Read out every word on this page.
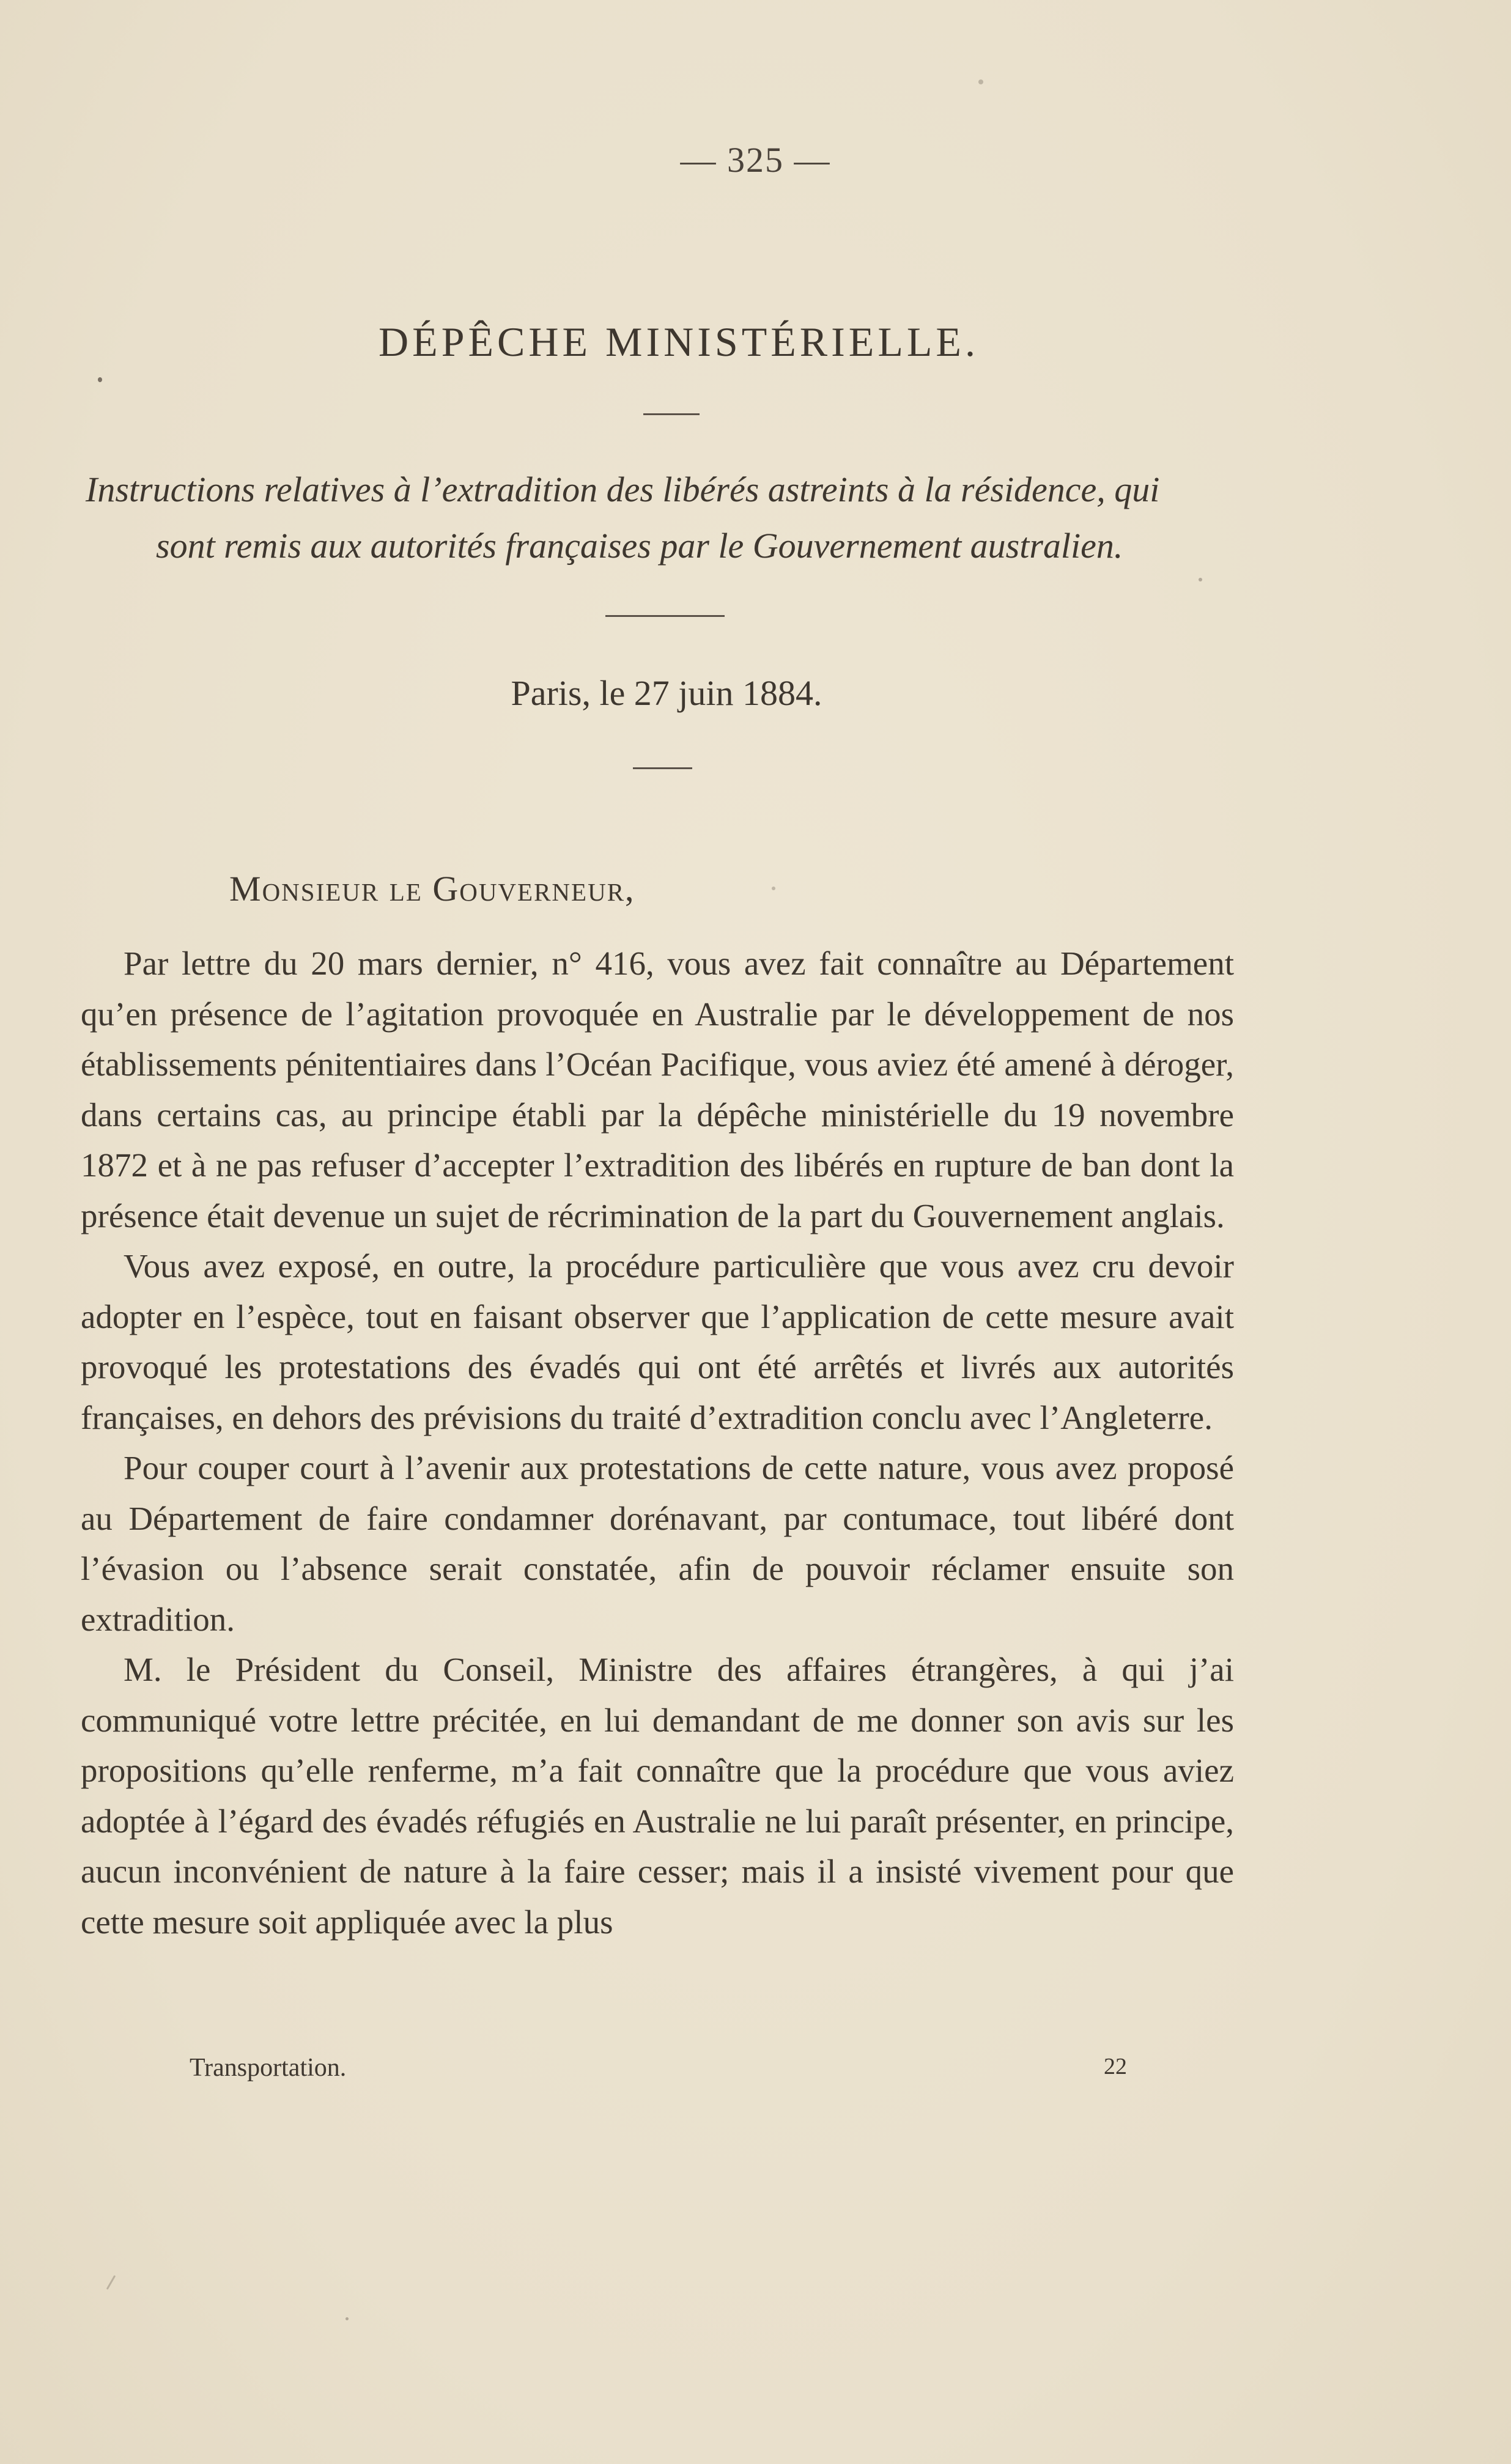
— 325 —
DÉPÊCHE MINISTÉRIELLE.
Instructions relatives à l’extradition des libérés astreints à la résidence, qui
sont remis aux autorités françaises par le Gouvernement australien.
Paris, le 27 juin 1884.
Monsieur le Gouverneur,

Par lettre du 20 mars dernier, n° 416, vous avez fait connaître au Département qu’en présence de l’agitation provoquée en Australie par le développement de nos établissements pénitentiaires dans l’Océan Pacifique, vous aviez été amené à déroger, dans certains cas, au principe établi par la dépêche ministérielle du 19 novembre 1872 et à ne pas refuser d’accepter l’extradition des libérés en rupture de ban dont la présence était devenue un sujet de récrimination de la part du Gouvernement anglais.

Vous avez exposé, en outre, la procédure particulière que vous avez cru devoir adopter en l’espèce, tout en faisant observer que l’application de cette mesure avait provoqué les protestations des évadés qui ont été arrêtés et livrés aux autorités françaises, en dehors des prévisions du traité d’extradition conclu avec l’Angleterre.

Pour couper court à l’avenir aux protestations de cette nature, vous avez proposé au Département de faire condamner dorénavant, par contumace, tout libéré dont l’évasion ou l’absence serait constatée, afin de pouvoir réclamer ensuite son extradition.

M. le Président du Conseil, Ministre des affaires étrangères, à qui j’ai communiqué votre lettre précitée, en lui demandant de me donner son avis sur les propositions qu’elle renferme, m’a fait connaître que la procédure que vous aviez adoptée à l’égard des évadés réfugiés en Australie ne lui paraît présenter, en principe, aucun inconvénient de nature à la faire cesser; mais il a insisté vivement pour que cette mesure soit appliquée avec la plus

Transportation.	22
